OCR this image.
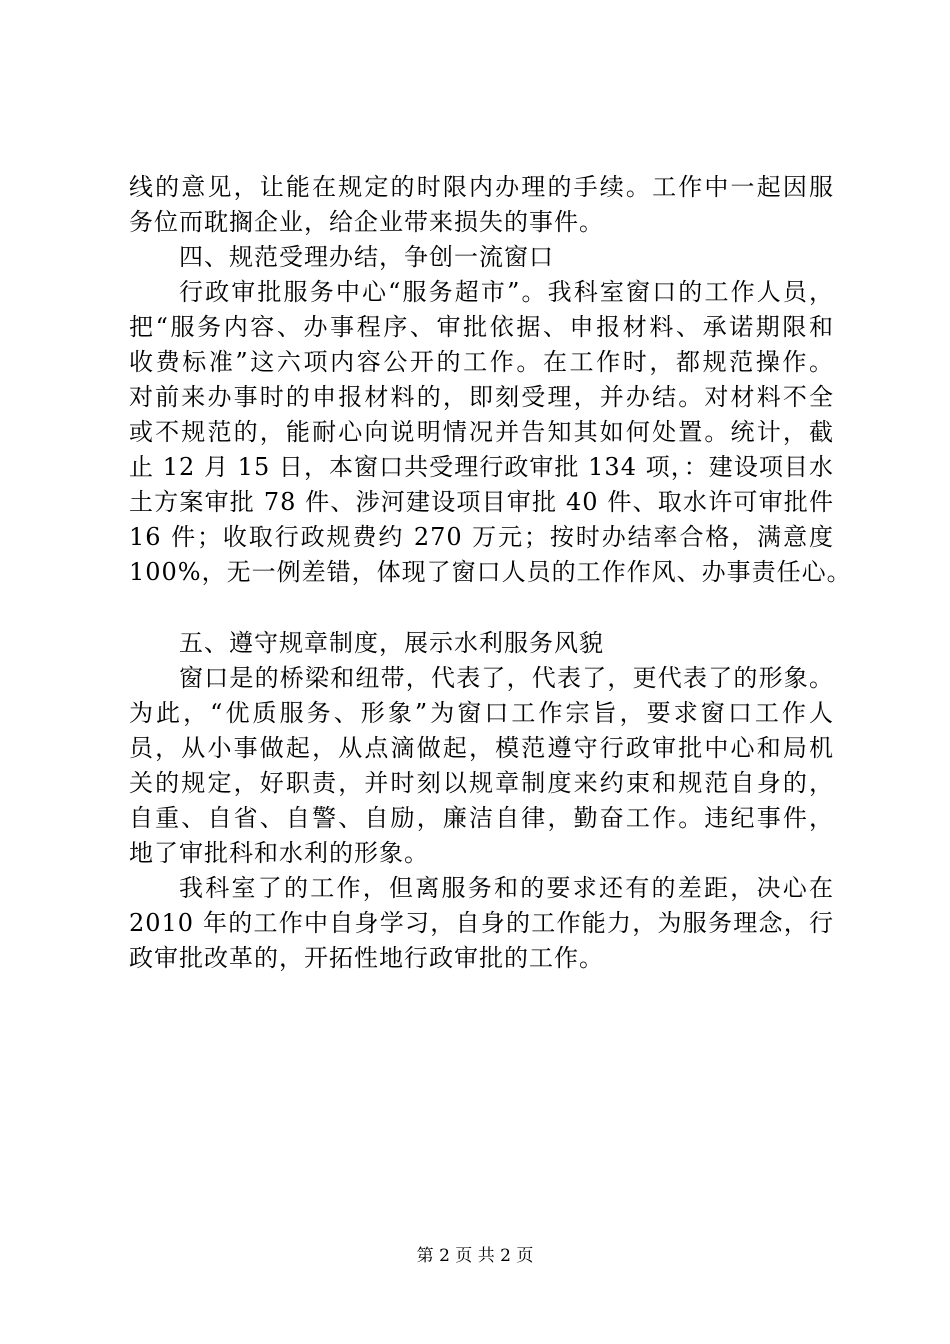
线的意见，让能在规定的时限内办理的手续。工作中一起因服
务位而耽搁企业，给企业带来损失的事件。
四、规范受理办结，争创一流窗口
行政审批服务中心“服务超市”。我科室窗口的工作人员，
把“服务内容、办事程序、审批依据、申报材料、承诺期限和
收费标准”这六项内容公开的工作。在工作时，都规范操作。
对前来办事时的申报材料的，即刻受理，并办结。对材料不全
或不规范的，能耐心向说明情况并告知其如何处置。统计，截
止 12 月 15 日，本窗口共受理行政审批 134 项，：建设项目水
土方案审批 78 件、涉河建设项目审批 40 件、取水许可审批件
16 件；收取行政规费约 270 万元；按时办结率合格，满意度
100%，无一例差错，体现了窗口人员的工作作风、办事责任心。
五、遵守规章制度，展示水利服务风貌
窗口是的桥梁和纽带，代表了，代表了，更代表了的形象。
为此，“优质服务、形象”为窗口工作宗旨，要求窗口工作人
员，从小事做起，从点滴做起，模范遵守行政审批中心和局机
关的规定，好职责，并时刻以规章制度来约束和规范自身的，
自重、自省、自警、自励，廉洁自律，勤奋工作。违纪事件，
地了审批科和水利的形象。
我科室了的工作，但离服务和的要求还有的差距，决心在
2010 年的工作中自身学习，自身的工作能力，为服务理念，行
政审批改革的，开拓性地行政审批的工作。
第 2 页 共 2 页
